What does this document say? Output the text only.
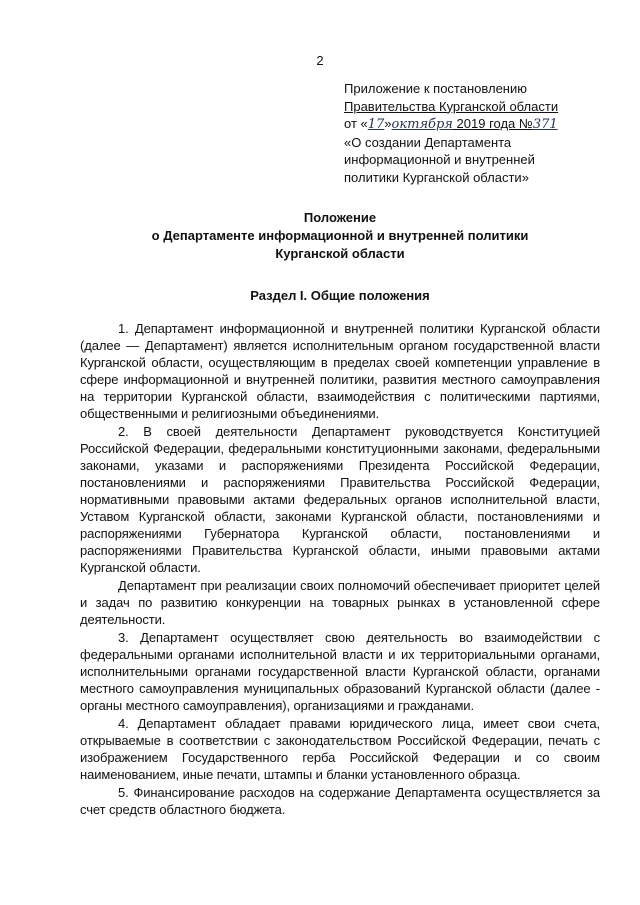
2
Приложение к постановлению
Правительства Курганской области
от «17»октября 2019 года №371
«О создании Департамента
информационной и внутренней
политики Курганской области»
Положение
о Департаменте информационной и внутренней политики
Курганской области
Раздел I. Общие положения

1. Департамент информационной и внутренней политики Курганской области (далее — Департамент) является исполнительным органом государственной власти Курганской области, осуществляющим в пределах своей компетенции управление в сфере информационной и внутренней политики, развития местного самоуправления на территории Курганской области, взаимодействия с политическими партиями, общественными и религиозными объединениями.

2. В своей деятельности Департамент руководствуется Конституцией Российской Федерации, федеральными конституционными законами, федеральными законами, указами и распоряжениями Президента Российской Федерации, постановлениями и распоряжениями Правительства Российской Федерации, нормативными правовыми актами федеральных органов исполнительной власти, Уставом Курганской области, законами Курганской области, постановлениями и распоряжениями Губернатора Курганской области, постановлениями и распоряжениями Правительства Курганской области, иными правовыми актами Курганской области.

Департамент при реализации своих полномочий обеспечивает приоритет целей и задач по развитию конкуренции на товарных рынках в установленной сфере деятельности.

3. Департамент осуществляет свою деятельность во взаимодействии с федеральными органами исполнительной власти и их территориальными органами, исполнительными органами государственной власти Курганской области, органами местного самоуправления муниципальных образований Курганской области (далее - органы местного самоуправления), организациями и гражданами.

4. Департамент обладает правами юридического лица, имеет свои счета, открываемые в соответствии с законодательством Российской Федерации, печать с изображением Государственного герба Российской Федерации и со своим наименованием, иные печати, штампы и бланки установленного образца.

5. Финансирование расходов на содержание Департамента осуществляется за счет средств областного бюджета.
